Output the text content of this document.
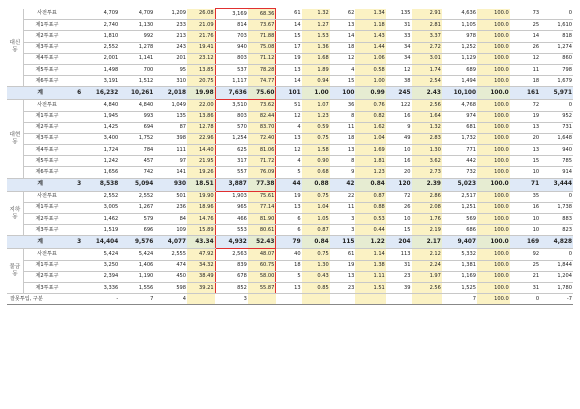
대신동	사전투표		4,709	4,709	1,209	26.08	3,169	68.36	61	1.32	62	1.34	135	2.91	4,636	100.0	73	0
	제1투표구		2,740	1,130	233	21.09	814	73.67	14	1.27	13	1.18	31	2.81	1,105	100.0	25	1,610
	제2투표구		1,810	992	213	21.76	703	71.88	15	1.53	14	1.43	33	3.37	978	100.0	14	818
	제3투표구		2,552	1,278	243	19.41	940	75.08	17	1.36	18	1.44	34	2.72	1,252	100.0	26	1,274
	제4투표구		2,001	1,141	201	23.12	803	71.12	19	1.68	12	1.06	34	3.01	1,129	100.0	12	860
	제5투표구		1,498	700	95	13.85	537	78.28	13	1.89	4	0.58	12	1.74	689	100.0	11	798
	제6투표구		3,191	1,512	310	20.75	1,117	74.77	14	0.94	15	1.00	38	2.54	1,494	100.0	18	1,679
	계	6	16,232	10,261	2,018	19.98	7,636	75.60	101	1.00	100	0.99	245	2.43	10,100	100.0	161	5,971
대현동	사전투표		4,840	4,840	1,049	22.00	3,510	73.62	51	1.07	36	0.76	122	2.56	4,768	100.0	72	0
	제1투표구		1,945	993	135	13.86	803	82.44	12	1.23	8	0.82	16	1.64	974	100.0	19	952
	제2투표구		1,425	694	87	12.78	570	83.70	4	0.59	11	1.62	9	1.32	681	100.0	13	731
	제3투표구		3,400	1,752	398	22.96	1,254	72.40	13	0.75	18	1.04	49	2.83	1,732	100.0	20	1,648
	제4투표구		1,724	784	111	14.40	625	81.06	12	1.58	13	1.69	10	1.30	771	100.0	13	940
	제5투표구		1,242	457	97	21.95	317	71.72	4	0.90	8	1.81	16	3.62	442	100.0	15	785
	제6투표구		1,656	742	141	19.26	557	76.09	5	0.68	9	1.23	20	2.73	732	100.0	10	914
	계	3	8,538	5,094	930	18.51	3,887	77.38	44	0.88	42	0.84	120	2.39	5,023	100.0	71	3,444
지하동	사전투표		2,552	2,552	501	19.90	1,903	75.61	19	0.75	22	0.87	72	2.86	2,517	100.0	35	0
	제1투표구		3,005	1,267	236	18.96	965	77.14	13	1.04	11	0.88	26	2.08	1,251	100.0	16	1,738
	제2투표구		1,462	579	84	14.76	466	81.90	6	1.05	3	0.53	10	1.76	569	100.0	10	883
	제3투표구		1,519	696	109	15.89	553	80.61	6	0.87	3	0.44	15	2.19	686	100.0	10	823
	계	3	14,404	9,576	4,077	43.34	4,932	52.43	79	0.84	115	1.22	204	2.17	9,407	100.0	169	4,828
물금동	사전투표		5,424	5,424	2,555	47.92	2,563	48.07	40	0.75	61	1.14	113	2.12	5,332	100.0	92	0
	제1투표구		3,250	1,406	474	34.32	839	60.75	18	1.30	19	1.38	31	2.24	1,381	100.0	25	1,844
	제2투표구		2,394	1,190	450	38.49	678	58.00	5	0.43	13	1.11	23	1.97	1,169	100.0	21	1,204
	제3투표구		3,336	1,556	598	39.21	852	55.87	13	0.85	23	1.51	39	2.56	1,525	100.0	31	1,780
잘못투입, 구분			-	7	4		3								7	100.0	0	-7
